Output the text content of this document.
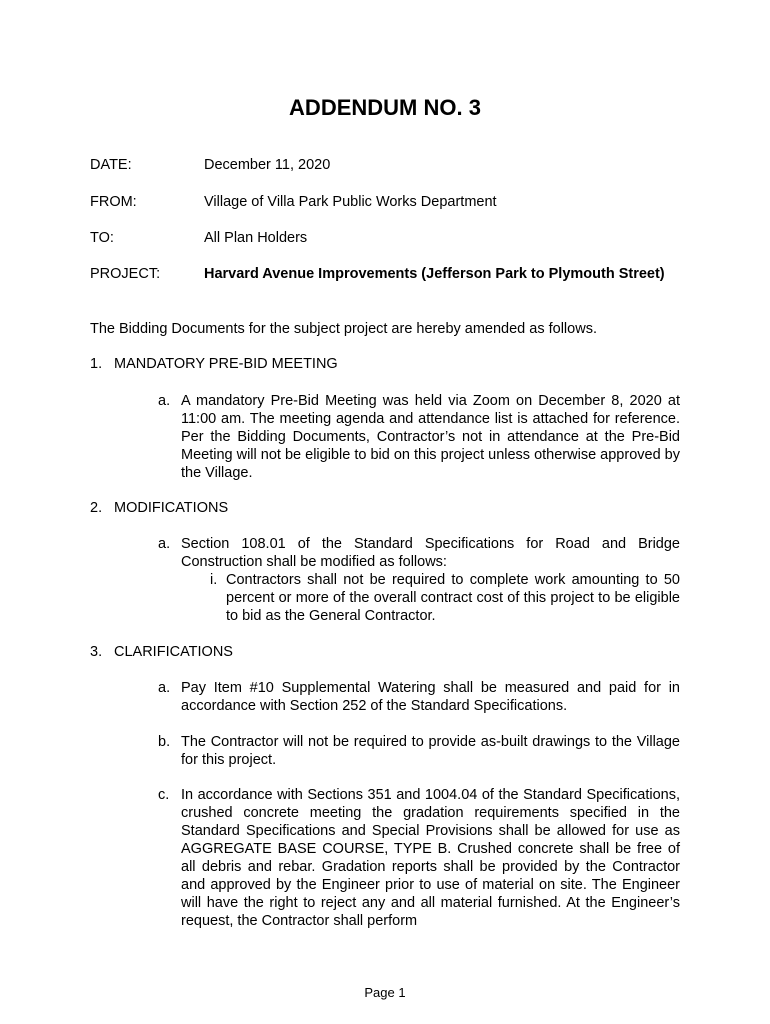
ADDENDUM NO. 3
DATE:	December 11, 2020
FROM:	Village of Villa Park Public Works Department
TO:	All Plan Holders
PROJECT:	Harvard Avenue Improvements (Jefferson Park to Plymouth Street)
The Bidding Documents for the subject project are hereby amended as follows.
1. MANDATORY PRE-BID MEETING
a. A mandatory Pre-Bid Meeting was held via Zoom on December 8, 2020 at 11:00 am. The meeting agenda and attendance list is attached for reference. Per the Bidding Documents, Contractor’s not in attendance at the Pre-Bid Meeting will not be eligible to bid on this project unless otherwise approved by the Village.
2. MODIFICATIONS
a. Section 108.01 of the Standard Specifications for Road and Bridge Construction shall be modified as follows:
i. Contractors shall not be required to complete work amounting to 50 percent or more of the overall contract cost of this project to be eligible to bid as the General Contractor.
3. CLARIFICATIONS
a. Pay Item #10 Supplemental Watering shall be measured and paid for in accordance with Section 252 of the Standard Specifications.
b. The Contractor will not be required to provide as-built drawings to the Village for this project.
c. In accordance with Sections 351 and 1004.04 of the Standard Specifications, crushed concrete meeting the gradation requirements specified in the Standard Specifications and Special Provisions shall be allowed for use as AGGREGATE BASE COURSE, TYPE B. Crushed concrete shall be free of all debris and rebar. Gradation reports shall be provided by the Contractor and approved by the Engineer prior to use of material on site. The Engineer will have the right to reject any and all material furnished. At the Engineer’s request, the Contractor shall perform
Page 1
